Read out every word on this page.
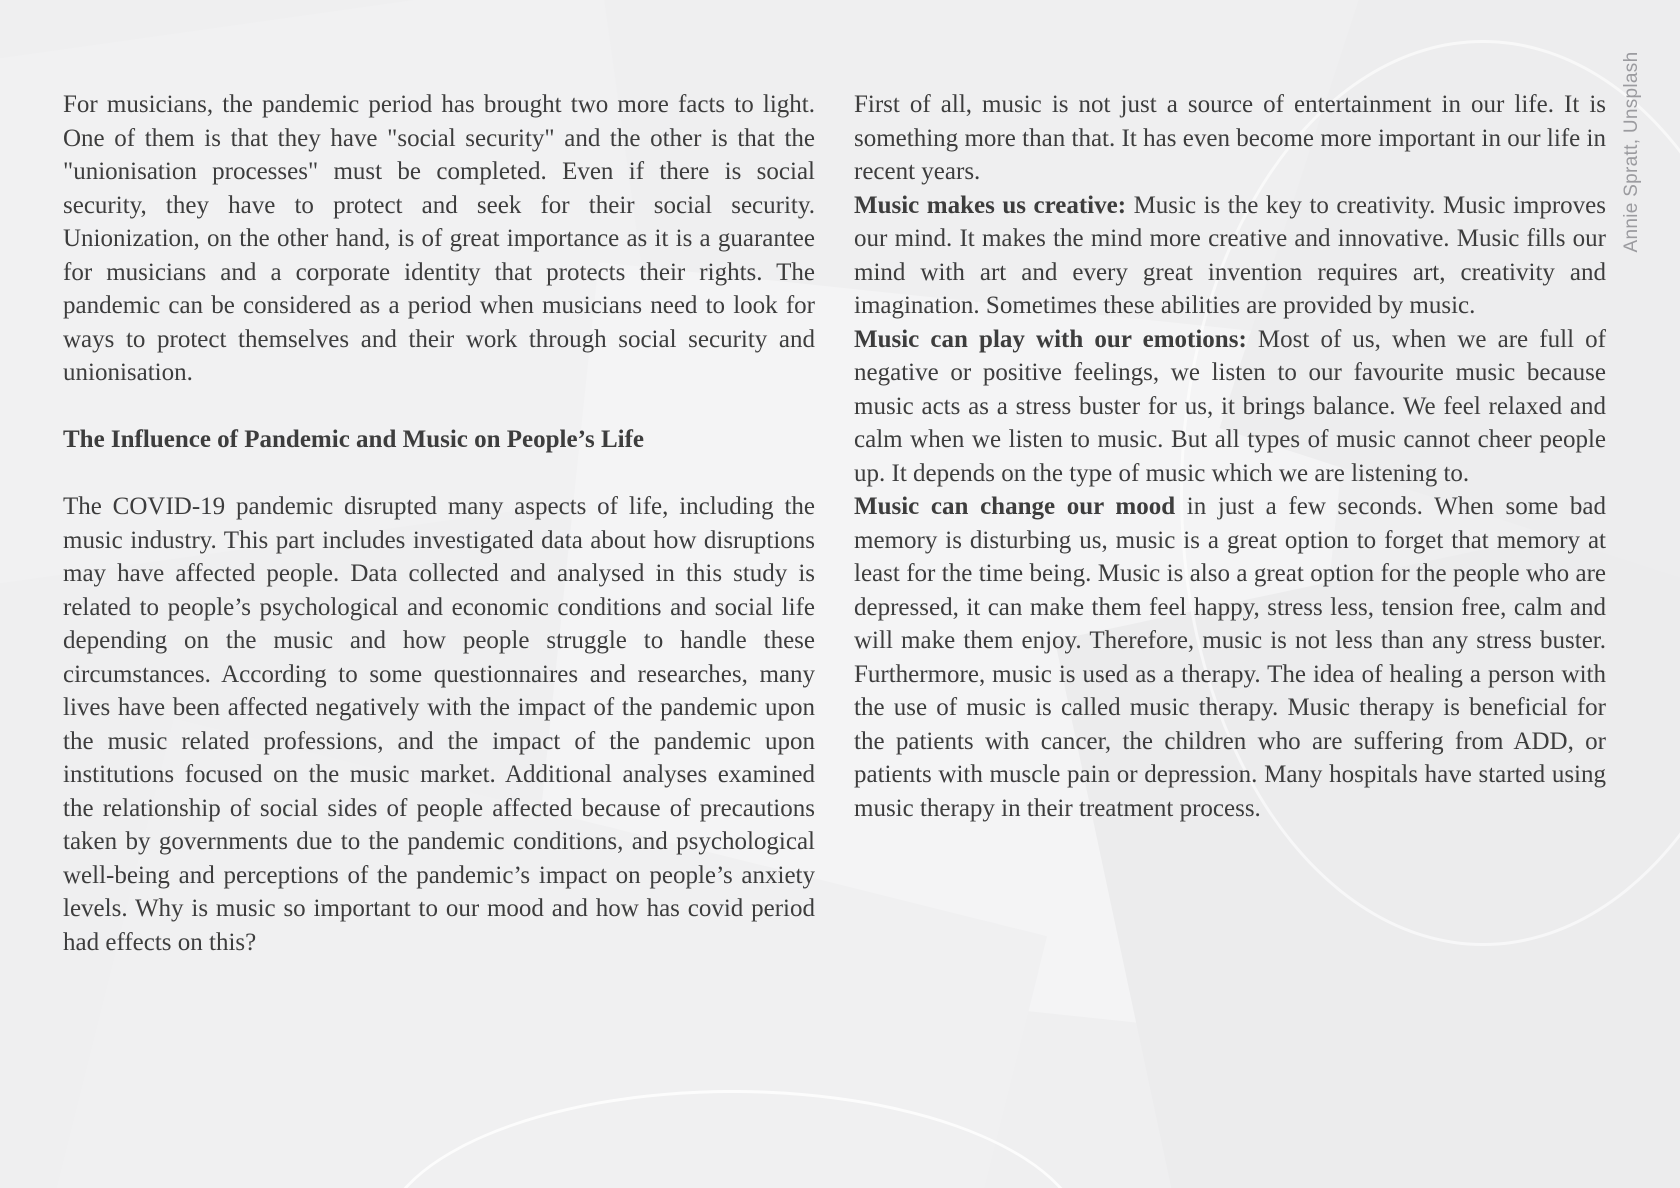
For musicians, the pandemic period has brought two more facts to light. One of them is that they have "social security" and the other is that the "unionisation processes" must be completed. Even if there is social security, they have to protect and seek for their social security. Unionization, on the other hand, is of great importance as it is a guarantee for musicians and a corporate identity that protects their rights. The pandemic can be considered as a period when musicians need to look for ways to protect themselves and their work through social security and unionisation.

The Influence of Pandemic and Music on People’s Life

The COVID-19 pandemic disrupted many aspects of life, including the music industry. This part includes investigated data about how disruptions may have affected people. Data collected and analysed in this study is related to people’s psychological and economic conditions and social life depending on the music and how people struggle to handle these circumstances. According to some questionnaires and researches, many lives have been affected negatively with the impact of the pandemic upon the music related professions, and the impact of the pandemic upon institutions focused on the music market. Additional analyses examined the relationship of social sides of people affected because of precautions taken by governments due to the pandemic conditions, and psychological well-being and perceptions of the pandemic’s impact on people’s anxiety levels. Why is music so important to our mood and how has covid period had effects on this?

First of all, music is not just a source of entertainment in our life. It is something more than that. It has even become more important in our life in recent years.

Music makes us creative: Music is the key to creativity. Music improves our mind. It makes the mind more creative and innovative. Music fills our mind with art and every great invention requires art, creativity and imagination. Sometimes these abilities are provided by music.

Music can play with our emotions: Most of us, when we are full of negative or positive feelings, we listen to our favourite music because music acts as a stress buster for us, it brings balance. We feel relaxed and calm when we listen to music. But all types of music cannot cheer people up. It depends on the type of music which we are listening to.

Music can change our mood in just a few seconds. When some bad memory is disturbing us, music is a great option to forget that memory at least for the time being. Music is also a great option for the people who are depressed, it can make them feel happy, stress less, tension free, calm and will make them enjoy. Therefore, music is not less than any stress buster. Furthermore, music is used as a therapy. The idea of healing a person with the use of music is called music therapy. Music therapy is beneficial for the patients with cancer, the children who are suffering from ADD, or patients with muscle pain or depression. Many hospitals have started using music therapy in their treatment process.

Annie Spratt, Unsplash
